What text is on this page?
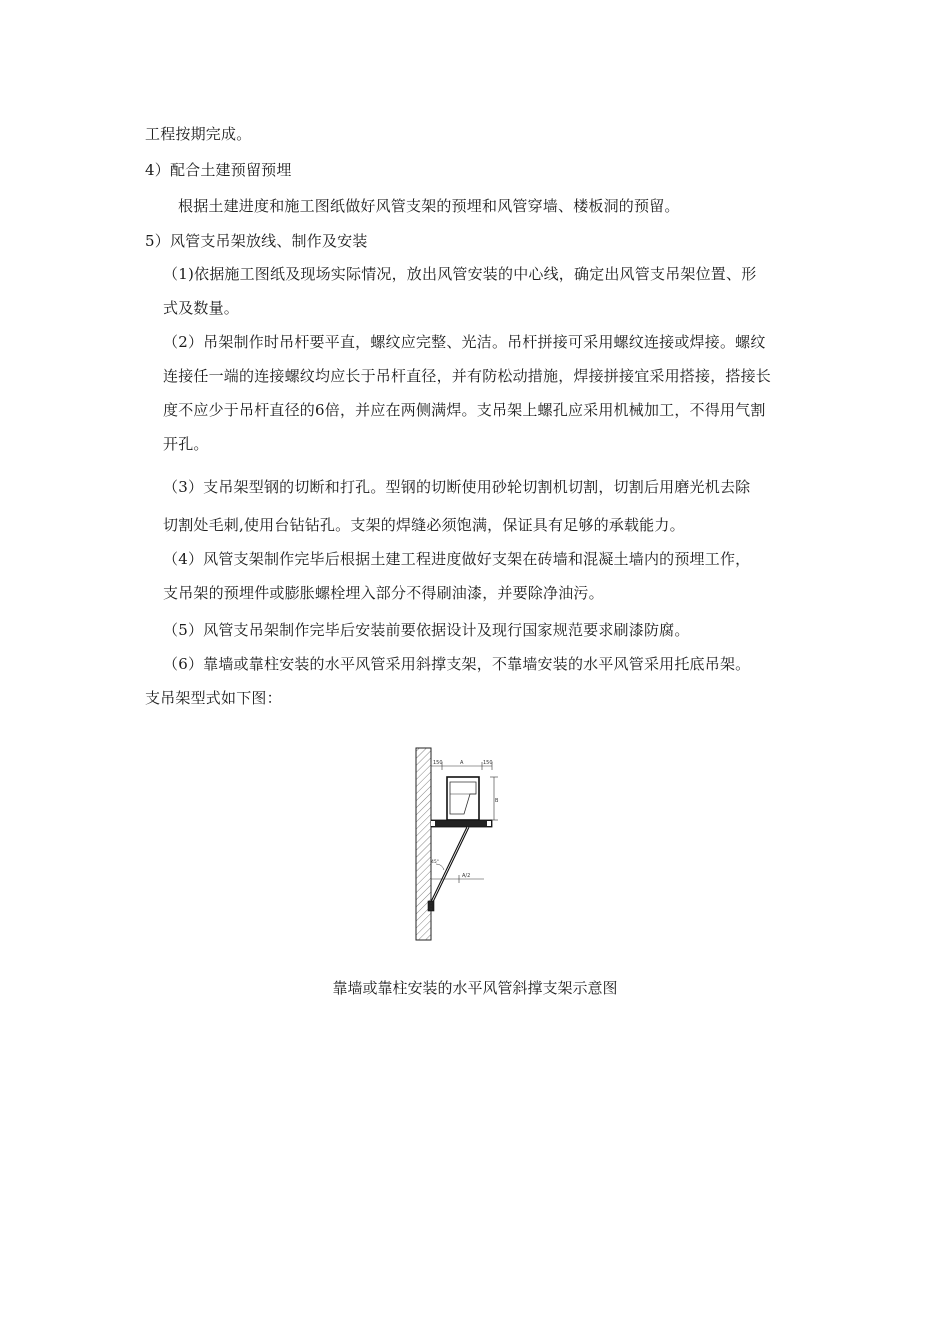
工程按期完成。
4）配合土建预留预埋
根据土建进度和施工图纸做好风管支架的预埋和风管穿墙、楼板洞的预留。
5）风管支吊架放线、制作及安装
（1)依据施工图纸及现场实际情况，放出风管安装的中心线，确定出风管支吊架位置、形
式及数量。
（2）吊架制作时吊杆要平直，螺纹应完整、光洁。吊杆拼接可采用螺纹连接或焊接。螺纹
连接任一端的连接螺纹均应长于吊杆直径，并有防松动措施，焊接拼接宜采用搭接，搭接长
度不应少于吊杆直径的6倍，并应在两侧满焊。支吊架上螺孔应采用机械加工，不得用气割
开孔。
（3）支吊架型钢的切断和打孔。型钢的切断使用砂轮切割机切割，切割后用磨光机去除
切割处毛刺,使用台钻钻孔。支架的焊缝必须饱满，保证具有足够的承载能力。
（4）风管支架制作完毕后根据土建工程进度做好支架在砖墙和混凝土墙内的预埋工作，
支吊架的预埋件或膨胀螺栓埋入部分不得刷油漆，并要除净油污。
（5）风管支吊架制作完毕后安装前要依据设计及现行国家规范要求刷漆防腐。
（6）靠墙或靠柱安装的水平风管采用斜撑支架，不靠墙安装的水平风管采用托底吊架。
支吊架型式如下图：
150	A	150
B
45°
A/2
靠墙或靠柱安装的水平风管斜撑支架示意图
